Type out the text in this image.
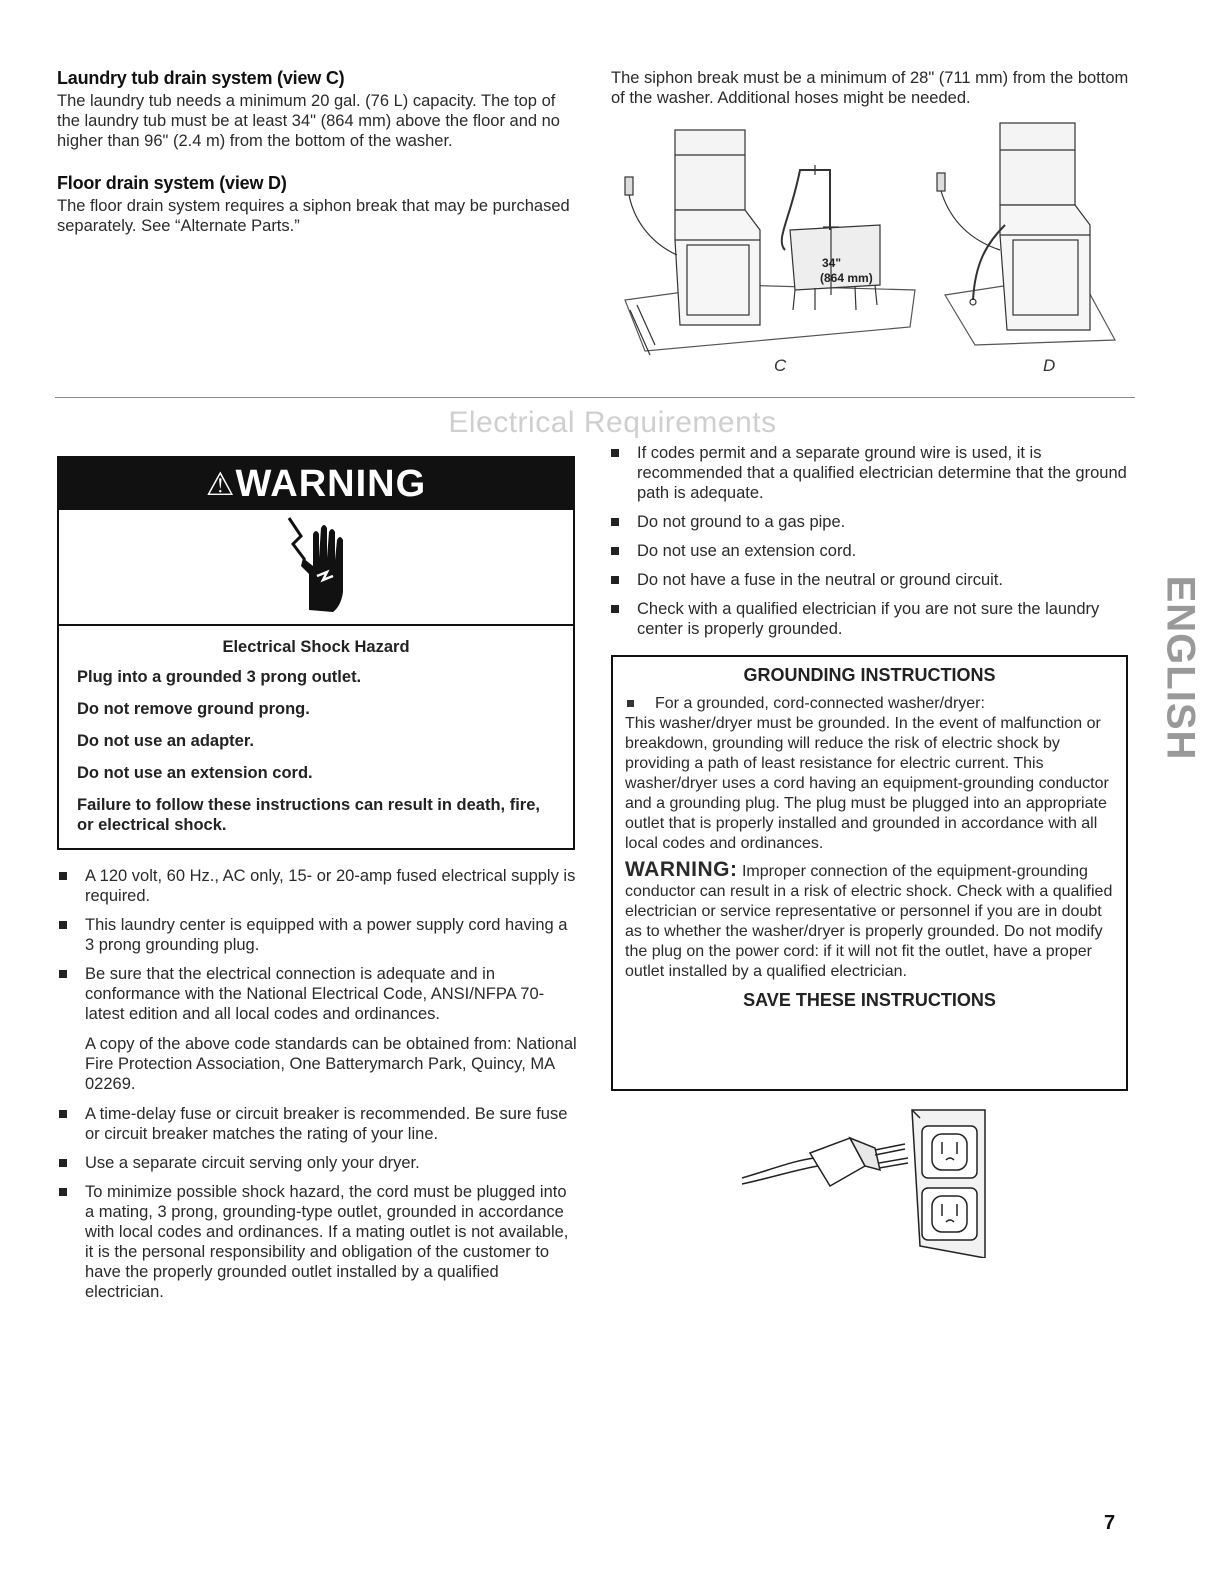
Laundry tub drain system (view C)

The laundry tub needs a minimum 20 gal. (76 L) capacity. The top of the laundry tub must be at least 34" (864 mm) above the floor and no higher than 96" (2.4 m) from the bottom of the washer.

Floor drain system (view D)

The floor drain system requires a siphon break that may be purchased separately. See “Alternate Parts.”

The siphon break must be a minimum of 28" (711 mm) from the bottom of the washer. Additional hoses might be needed.

34"
(864 mm)
C	D
Electrical Requirements
⚠WARNING
Electrical Shock Hazard
Plug into a grounded 3 prong outlet.
Do not remove ground prong.
Do not use an adapter.
Do not use an extension cord.
Failure to follow these instructions can result in death, fire, or electrical shock.
A 120 volt, 60 Hz., AC only, 15- or 20-amp fused electrical supply is required.
This laundry center is equipped with a power supply cord having a 3 prong grounding plug.
Be sure that the electrical connection is adequate and in conformance with the National Electrical Code, ANSI/NFPA 70-latest edition and all local codes and ordinances.

A copy of the above code standards can be obtained from: National Fire Protection Association, One Batterymarch Park, Quincy, MA 02269.

A time-delay fuse or circuit breaker is recommended. Be sure fuse or circuit breaker matches the rating of your line.
Use a separate circuit serving only your dryer.
To minimize possible shock hazard, the cord must be plugged into a mating, 3 prong, grounding-type outlet, grounded in accordance with local codes and ordinances. If a mating outlet is not available, it is the personal responsibility and obligation of the customer to have the properly grounded outlet installed by a qualified electrician.
If codes permit and a separate ground wire is used, it is recommended that a qualified electrician determine that the ground path is adequate.
Do not ground to a gas pipe.
Do not use an extension cord.
Do not have a fuse in the neutral or ground circuit.
Check with a qualified electrician if you are not sure the laundry center is properly grounded.
GROUNDING INSTRUCTIONS
For a grounded, cord-connected washer/dryer:
This washer/dryer must be grounded. In the event of malfunction or breakdown, grounding will reduce the risk of electric shock by providing a path of least resistance for electric current. This washer/dryer uses a cord having an equipment-grounding conductor and a grounding plug. The plug must be plugged into an appropriate outlet that is properly installed and grounded in accordance with all local codes and ordinances.
WARNING: Improper connection of the equipment-grounding conductor can result in a risk of electric shock. Check with a qualified electrician or service representative or personnel if you are in doubt as to whether the washer/dryer is properly grounded. Do not modify the plug on the power cord: if it will not fit the outlet, have a proper outlet installed by a qualified electrician.
SAVE THESE INSTRUCTIONS
ENGLISH
7
